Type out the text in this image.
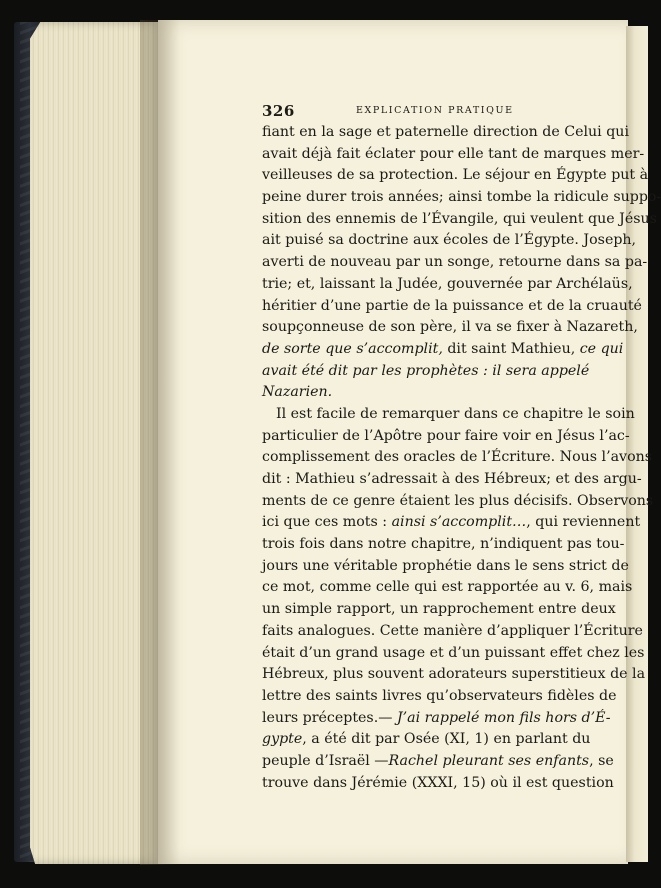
326	EXPLICATION PRATIQUE
fiant en la sage et paternelle direction de Celui qui
avait déjà fait éclater pour elle tant de marques mer-
veilleuses de sa protection. Le séjour en Égypte put à
peine durer trois années; ainsi tombe la ridicule suppo-
sition des ennemis de l’Évangile, qui veulent que Jésus
ait puisé sa doctrine aux écoles de l’Égypte. Joseph,
averti de nouveau par un songe, retourne dans sa pa-
trie; et, laissant la Judée, gouvernée par Archélaüs,
héritier d’une partie de la puissance et de la cruauté
soupçonneuse de son père, il va se fixer à Nazareth,
de sorte que s’accomplit, dit saint Mathieu, ce qui
avait été dit par les prophètes : il sera appelé
Nazarien.
Il est facile de remarquer dans ce chapitre le soin
particulier de l’Apôtre pour faire voir en Jésus l’ac-
complissement des oracles de l’Écriture. Nous l’avons
dit : Mathieu s’adressait à des Hébreux; et des argu-
ments de ce genre étaient les plus décisifs. Observons
ici que ces mots : ainsi s’accomplit…, qui reviennent
trois fois dans notre chapitre, n’indiquent pas tou-
jours une véritable prophétie dans le sens strict de
ce mot, comme celle qui est rapportée au v. 6, mais
un simple rapport, un rapprochement entre deux
faits analogues. Cette manière d’appliquer l’Écriture
était d’un grand usage et d’un puissant effet chez les
Hébreux, plus souvent adorateurs superstitieux de la
lettre des saints livres qu’observateurs fidèles de
leurs préceptes.— J’ai rappelé mon fils hors d’É-
gypte, a été dit par Osée (XI, 1) en parlant du
peuple d’Israël —Rachel pleurant ses enfants, se
trouve dans Jérémie (XXXI, 15) où il est question
